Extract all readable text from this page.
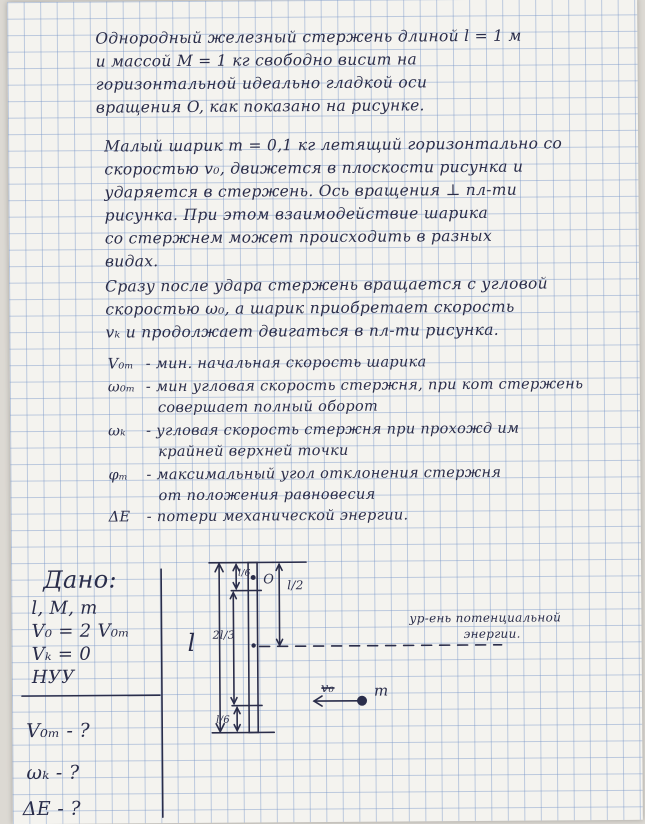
Однородный железный стержень длиной l = 1 м
и массой M = 1 кг свободно висит на
горизонтальной идеально гладкой оси
вращения O, как показано на рисунке.
Малый шарик m = 0,1 кг летящий горизонтально со
скоростью v₀, движется в плоскости рисунка и
ударяется в стержень. Ось вращения ⊥ пл-ти
рисунка. При этом взаимодействие шарика
со стержнем может происходить в разных
видах.
Сразу после удара стержень вращается с угловой
скоростью ω₀, а шарик приобретает скорость
vₖ и продолжает двигаться в пл-ти рисунка.
V₀ₘ - мин. начальная скорость шарика
ω₀ₘ - мин угловая скорость стержня, при кот стержень
совершает полный оборот
ωₖ - угловая скорость стержня при прохожд им
крайней верхней точки
φₘ - максимальный угол отклонения стержня
от положения равновесия
ΔE - потери механической энергии.
Дано:
l, M, m
V₀ = 2 V₀ₘ
Vₖ = 0
НУУ
V₀ₘ - ?
ωₖ - ?
ΔE - ?
l
l/6 O l/2
2l/3
l/6
v₀	m
ур-ень потенциальной
энергии.
